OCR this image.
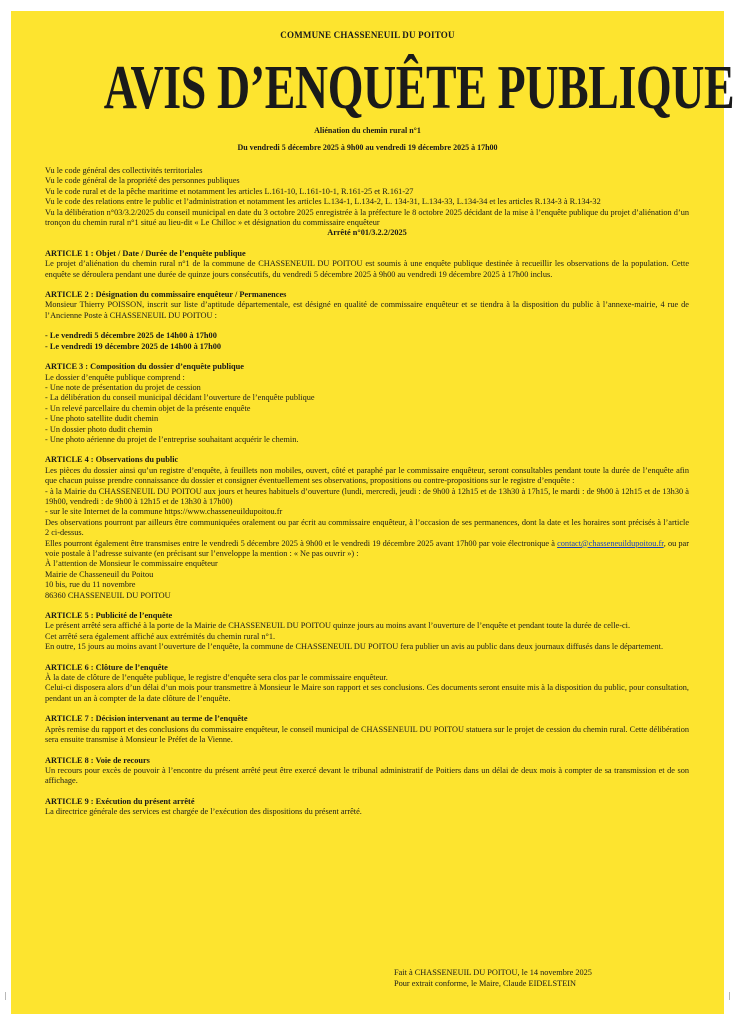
COMMUNE CHASSENEUIL DU POITOU
AVIS D’ENQUÊTE PUBLIQUE
Aliénation du chemin rural n°1
Du vendredi 5 décembre 2025 à 9h00 au vendredi 19 décembre 2025 à 17h00

Vu le code général des collectivités territoriales

Vu le code général de la propriété des personnes publiques

Vu le code rural et de la pêche maritime et notamment les articles L.161-10, L.161-10-1, R.161-25 et R.161-27

Vu le code des relations entre le public et l’administration et notamment les articles L.134-1, L.134-2, L. 134-31, L.134-33, L.134-34 et les articles R.134-3 à R.134-32

Vu la délibération n°03/3.2/2025 du conseil municipal en date du 3 octobre 2025 enregistrée à la préfecture le 8 octobre 2025 décidant de la mise à l’enquête publique du projet d’aliénation d’un tronçon du chemin rural n°1 situé au lieu-dit « Le Chilloc » et désignation du commissaire enquêteur

Arrêté n°01/3.2.2/2025

ARTICLE 1 : Objet / Date / Durée de l’enquête publique

Le projet d’aliénation du chemin rural n°1 de la commune de CHASSENEUIL DU POITOU est soumis à une enquête publique destinée à recueillir les observations de la population. Cette enquête se déroulera pendant une durée de quinze jours consécutifs, du vendredi 5 décembre 2025 à 9h00 au vendredi 19 décembre 2025 à 17h00 inclus.

ARTICLE 2 : Désignation du commissaire enquêteur / Permanences

Monsieur Thierry POISSON, inscrit sur liste d’aptitude départementale, est désigné en qualité de commissaire enquêteur et se tiendra à la disposition du public à l’annexe-mairie, 4 rue de l’Ancienne Poste à CHASSENEUIL DU POITOU :

- Le vendredi 5 décembre 2025 de 14h00 à 17h00

- Le vendredi 19 décembre 2025 de 14h00 à 17h00

ARTICE 3 : Composition du dossier d’enquête publique

Le dossier d’enquête publique comprend :

- Une note de présentation du projet de cession

- La délibération du conseil municipal décidant l’ouverture de l’enquête publique

- Un relevé parcellaire du chemin objet de la présente enquête

- Une photo satellite dudit chemin

- Un dossier photo dudit chemin

- Une photo aérienne du projet de l’entreprise souhaitant acquérir le chemin.

ARTICLE 4 : Observations du public

Les pièces du dossier ainsi qu’un registre d’enquête, à feuillets non mobiles, ouvert, côté et paraphé par le commissaire enquêteur, seront consultables pendant toute la durée de l’enquête afin que chacun puisse prendre connaissance du dossier et consigner éventuellement ses observations, propositions ou contre-propositions sur le registre d’enquête :

- à la Mairie du CHASSENEUIL DU POITOU aux jours et heures habituels d’ouverture (lundi, mercredi, jeudi : de 9h00 à 12h15 et de 13h30 à 17h15, le mardi : de 9h00 à 12h15 et de 13h30 à 19h00, vendredi : de 9h00 à 12h15 et de 13h30 à 17h00)

- sur le site Internet de la commune https://www.chasseneuildupoitou.fr

Des observations pourront par ailleurs être communiquées oralement ou par écrit au commissaire enquêteur, à l’occasion de ses permanences, dont la date et les horaires sont précisés à l’article 2 ci-dessus.

Elles pourront également être transmises entre le vendredi 5 décembre 2025 à 9h00 et le vendredi 19 décembre 2025 avant 17h00 par voie électronique à contact@chasseneuildupoitou.fr, ou par voie postale à l’adresse suivante (en précisant sur l’enveloppe la mention : « Ne pas ouvrir ») :

À l’attention de Monsieur le commissaire enquêteur

Mairie de Chasseneuil du Poitou

10 bis, rue du 11 novembre

86360 CHASSENEUIL DU POITOU

ARTICLE 5 : Publicité de l’enquête

Le présent arrêté sera affiché à la porte de la Mairie de CHASSENEUIL DU POITOU quinze jours au moins avant l’ouverture de l’enquête et pendant toute la durée de celle-ci.

Cet arrêté sera également affiché aux extrémités du chemin rural n°1.

En outre, 15 jours au moins avant l’ouverture de l’enquête, la commune de CHASSENEUIL DU POITOU fera publier un avis au public dans deux journaux diffusés dans le département.

ARTICLE 6 : Clôture de l’enquête

À la date de clôture de l’enquête publique, le registre d’enquête sera clos par le commissaire enquêteur.

Celui-ci disposera alors d’un délai d’un mois pour transmettre à Monsieur le Maire son rapport et ses conclusions. Ces documents seront ensuite mis à la disposition du public, pour consultation, pendant un an à compter de la date clôture de l’enquête.

ARTICLE 7 : Décision intervenant au terme de l’enquête

Après remise du rapport et des conclusions du commissaire enquêteur, le conseil municipal de CHASSENEUIL DU POITOU statuera sur le projet de cession du chemin rural. Cette délibération sera ensuite transmise à Monsieur le Préfet de la Vienne.

ARTICLE 8 : Voie de recours

Un recours pour excès de pouvoir à l’encontre du présent arrêté peut être exercé devant le tribunal administratif de Poitiers dans un délai de deux mois à compter de sa transmission et de son affichage.

ARTICLE 9 : Exécution du présent arrêté

La directrice générale des services est chargée de l’exécution des dispositions du présent arrêté.

Fait à CHASSENEUIL DU POITOU, le 14 novembre 2025
Pour extrait conforme, le Maire, Claude EIDELSTEIN
